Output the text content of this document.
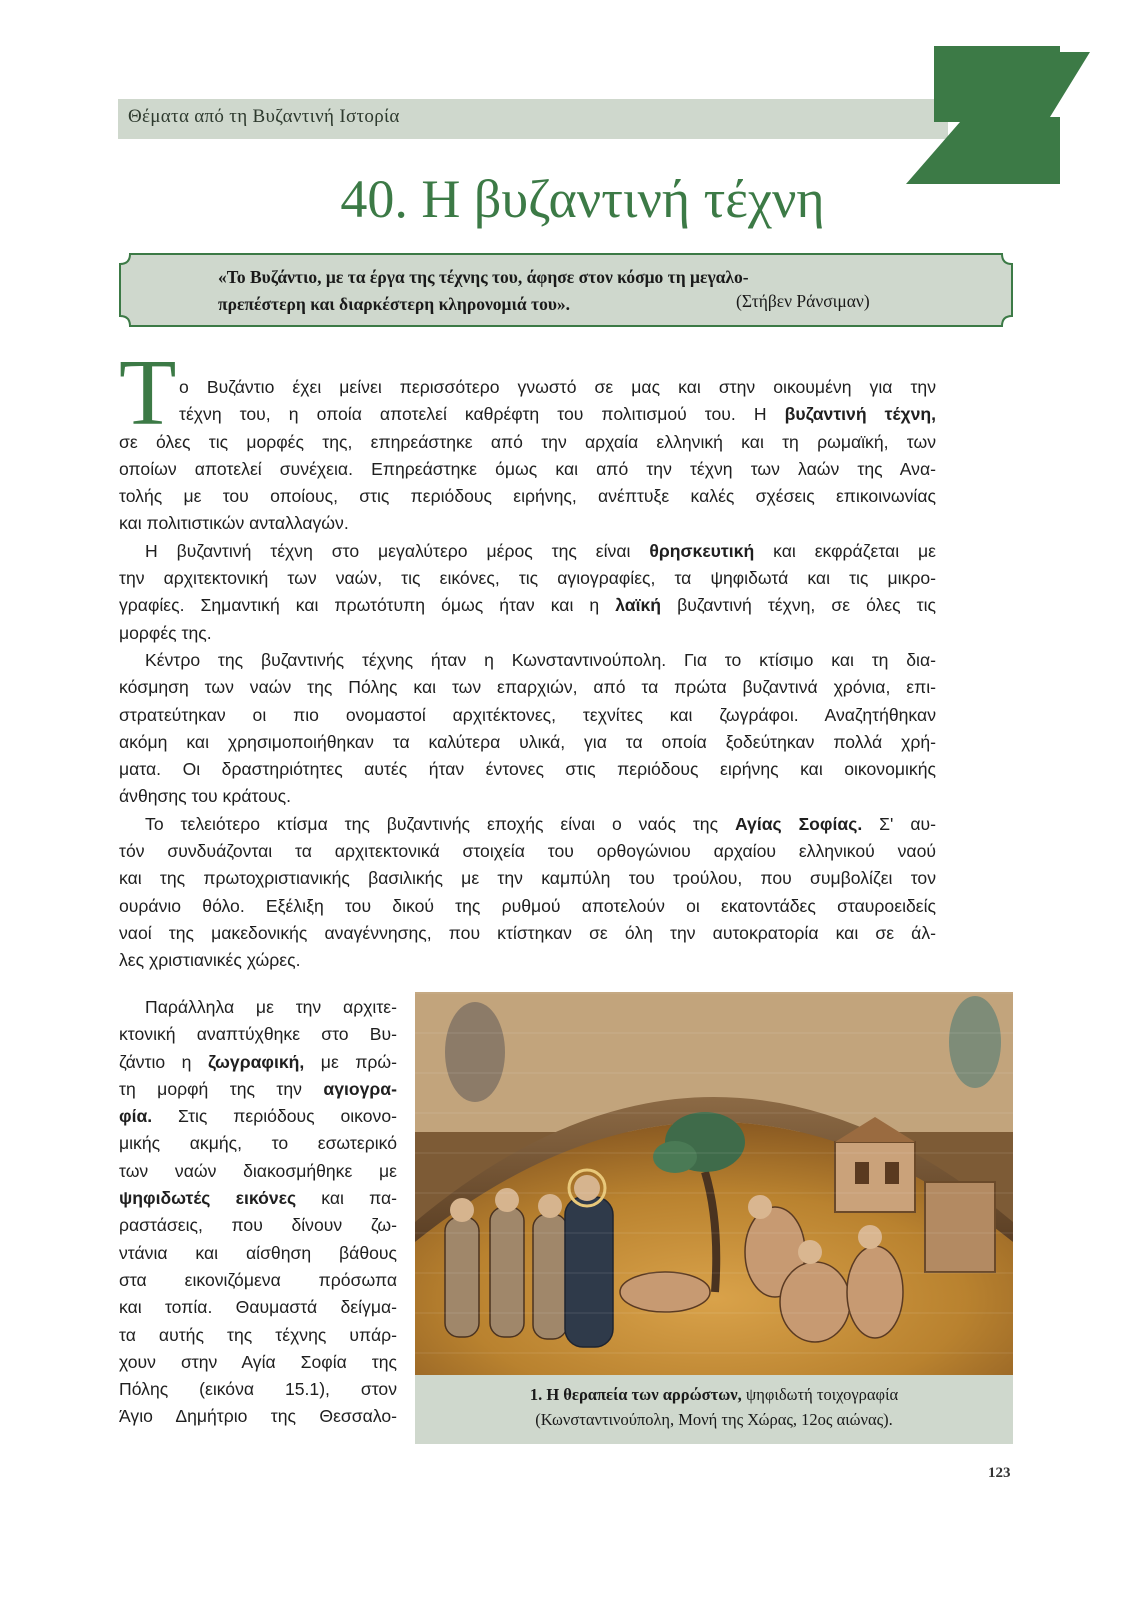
Θέματα από τη Βυζαντινή Ιστορία
40. Η βυζαντινή τέχνη
«Το Βυζάντιο, με τα έργα της τέχνης του, άφησε στον κόσμο τη μεγαλο-
πρεπέστερη και διαρκέστερη κληρονομιά του».	(Στήβεν Ράνσιμαν)
Τ ο Βυζάντιο έχει μείνει περισσότερο γνωστό σε μας και στην οικουμένη για την
τέχνη του, η οποία αποτελεί καθρέφτη του πολιτισμού του. Η βυζαντινή τέχνη,
σε όλες τις μορφές της, επηρεάστηκε από την αρχαία ελληνική και τη ρωμαϊκή, των
οποίων αποτελεί συνέχεια. Επηρεάστηκε όμως και από την τέχνη των λαών της Ανα-
τολής με του οποίους, στις περιόδους ειρήνης, ανέπτυξε καλές σχέσεις επικοινωνίας
και πολιτιστικών ανταλλαγών.
Η βυζαντινή τέχνη στο μεγαλύτερο μέρος της είναι θρησκευτική και εκφράζεται με
την αρχιτεκτονική των ναών, τις εικόνες, τις αγιογραφίες, τα ψηφιδωτά και τις μικρο-
γραφίες. Σημαντική και πρωτότυπη όμως ήταν και η λαϊκή βυζαντινή τέχνη, σε όλες τις
μορφές της.
Κέντρο της βυζαντινής τέχνης ήταν η Κωνσταντινούπολη. Για το κτίσιμο και τη δια-
κόσμηση των ναών της Πόλης και των επαρχιών, από τα πρώτα βυζαντινά χρόνια, επι-
στρατεύτηκαν οι πιο ονομαστοί αρχιτέκτονες, τεχνίτες και ζωγράφοι. Αναζητήθηκαν
ακόμη και χρησιμοποιήθηκαν τα καλύτερα υλικά, για τα οποία ξοδεύτηκαν πολλά χρή-
ματα. Οι δραστηριότητες αυτές ήταν έντονες στις περιόδους ειρήνης και οικονομικής
άνθησης του κράτους.
Το τελειότερο κτίσμα της βυζαντινής εποχής είναι ο ναός της Αγίας Σοφίας. Σ' αυ-
τόν συνδυάζονται τα αρχιτεκτονικά στοιχεία του ορθογώνιου αρχαίου ελληνικού ναού
και της πρωτοχριστιανικής βασιλικής με την καμπύλη του τρούλου, που συμβολίζει τον
ουράνιο θόλο. Εξέλιξη του δικού της ρυθμού αποτελούν οι εκατοντάδες σταυροειδείς
ναοί της μακεδονικής αναγέννησης, που κτίστηκαν σε όλη την αυτοκρατορία και σε άλ-
λες χριστιανικές χώρες.
Παράλληλα με την αρχιτε-
κτονική αναπτύχθηκε στο Βυ-
ζάντιο η ζωγραφική, με πρώ-
τη μορφή της την αγιογρα-
φία. Στις περιόδους οικονο-
μικής ακμής, το εσωτερικό
των ναών διακοσμήθηκε με
ψηφιδωτές εικόνες και πα-
ραστάσεις, που δίνουν ζω-
ντάνια και αίσθηση βάθους
στα εικονιζόμενα πρόσωπα
και τοπία. Θαυμαστά δείγμα-
τα αυτής της τέχνης υπάρ-
χουν στην Αγία Σοφία της
Πόλης (εικόνα 15.1), στον
Άγιο Δημήτριο της Θεσσαλο-
1. Η θεραπεία των αρρώστων, ψηφιδωτή τοιχογραφία
(Κωνσταντινούπολη, Μονή της Χώρας, 12ος αιώνας).
123
